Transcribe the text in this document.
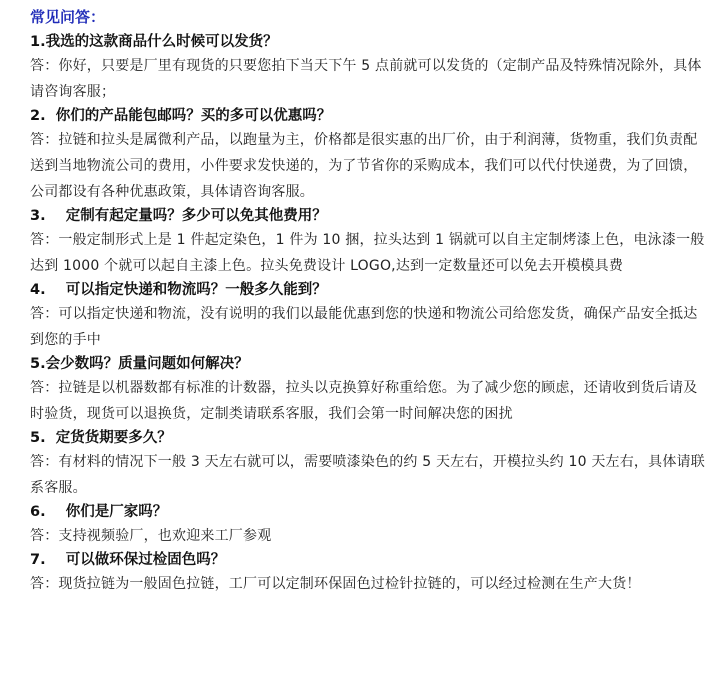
常见问答：
1.我选的这款商品什么时候可以发货？
答：你好，只要是厂里有现货的只要您拍下当天下午 5 点前就可以发货的（定制产品及特殊情况除外，具体请咨询客服；
2.  你们的产品能包邮吗？买的多可以优惠吗？
答：拉链和拉头是属微利产品，以跑量为主，价格都是很实惠的出厂价，由于利润薄，货物重，我们负责配送到当地物流公司的费用，小件要求发快递的，为了节省你的采购成本，我们可以代付快递费，为了回馈，公司都设有各种优惠政策，具体请咨询客服。
3.    定制有起定量吗？多少可以免其他费用？
答：一般定制形式上是 1 件起定染色，1 件为 10 捆，拉头达到 1 锅就可以自主定制烤漆上色，电泳漆一般达到 1000 个就可以起自主漆上色。拉头免费设计 LOGO,达到一定数量还可以免去开模模具费
4.    可以指定快递和物流吗？一般多久能到？
答：可以指定快递和物流，没有说明的我们以最能优惠到您的快递和物流公司给您发货，确保产品安全抵达到您的手中
5.会少数吗？质量问题如何解决？
答：拉链是以机器数都有标准的计数器，拉头以克换算好称重给您。为了减少您的顾虑，还请收到货后请及时验货，现货可以退换货，定制类请联系客服，我们会第一时间解决您的困扰
5.  定货货期要多久？
答：有材料的情况下一般 3 天左右就可以，需要喷漆染色的约 5 天左右，开模拉头约 10 天左右，具体请联系客服。
6.    你们是厂家吗？
答：支持视频验厂，也欢迎来工厂参观
7.    可以做环保过检固色吗？
答：现货拉链为一般固色拉链，工厂可以定制环保固色过检针拉链的，可以经过检测在生产大货！
